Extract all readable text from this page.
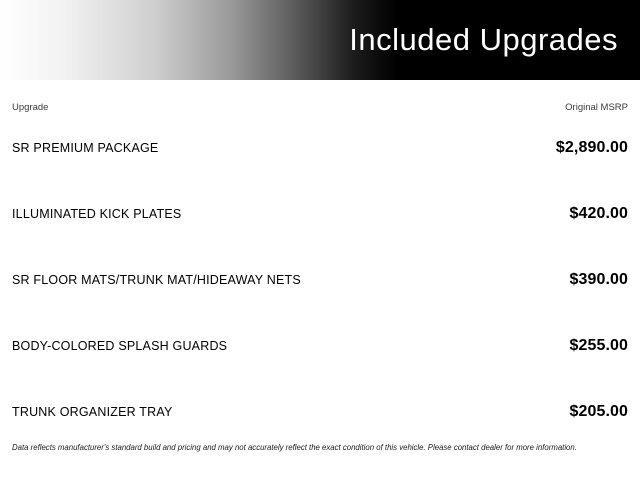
Included Upgrades
Upgrade	Original MSRP
SR PREMIUM PACKAGE	$2,890.00
ILLUMINATED KICK PLATES	$420.00
SR FLOOR MATS/TRUNK MAT/HIDEAWAY NETS	$390.00
BODY-COLORED SPLASH GUARDS	$255.00
TRUNK ORGANIZER TRAY	$205.00
Data reflects manufacturer's standard build and pricing and may not accurately reflect the exact condition of this vehicle. Please contact dealer for more information.
